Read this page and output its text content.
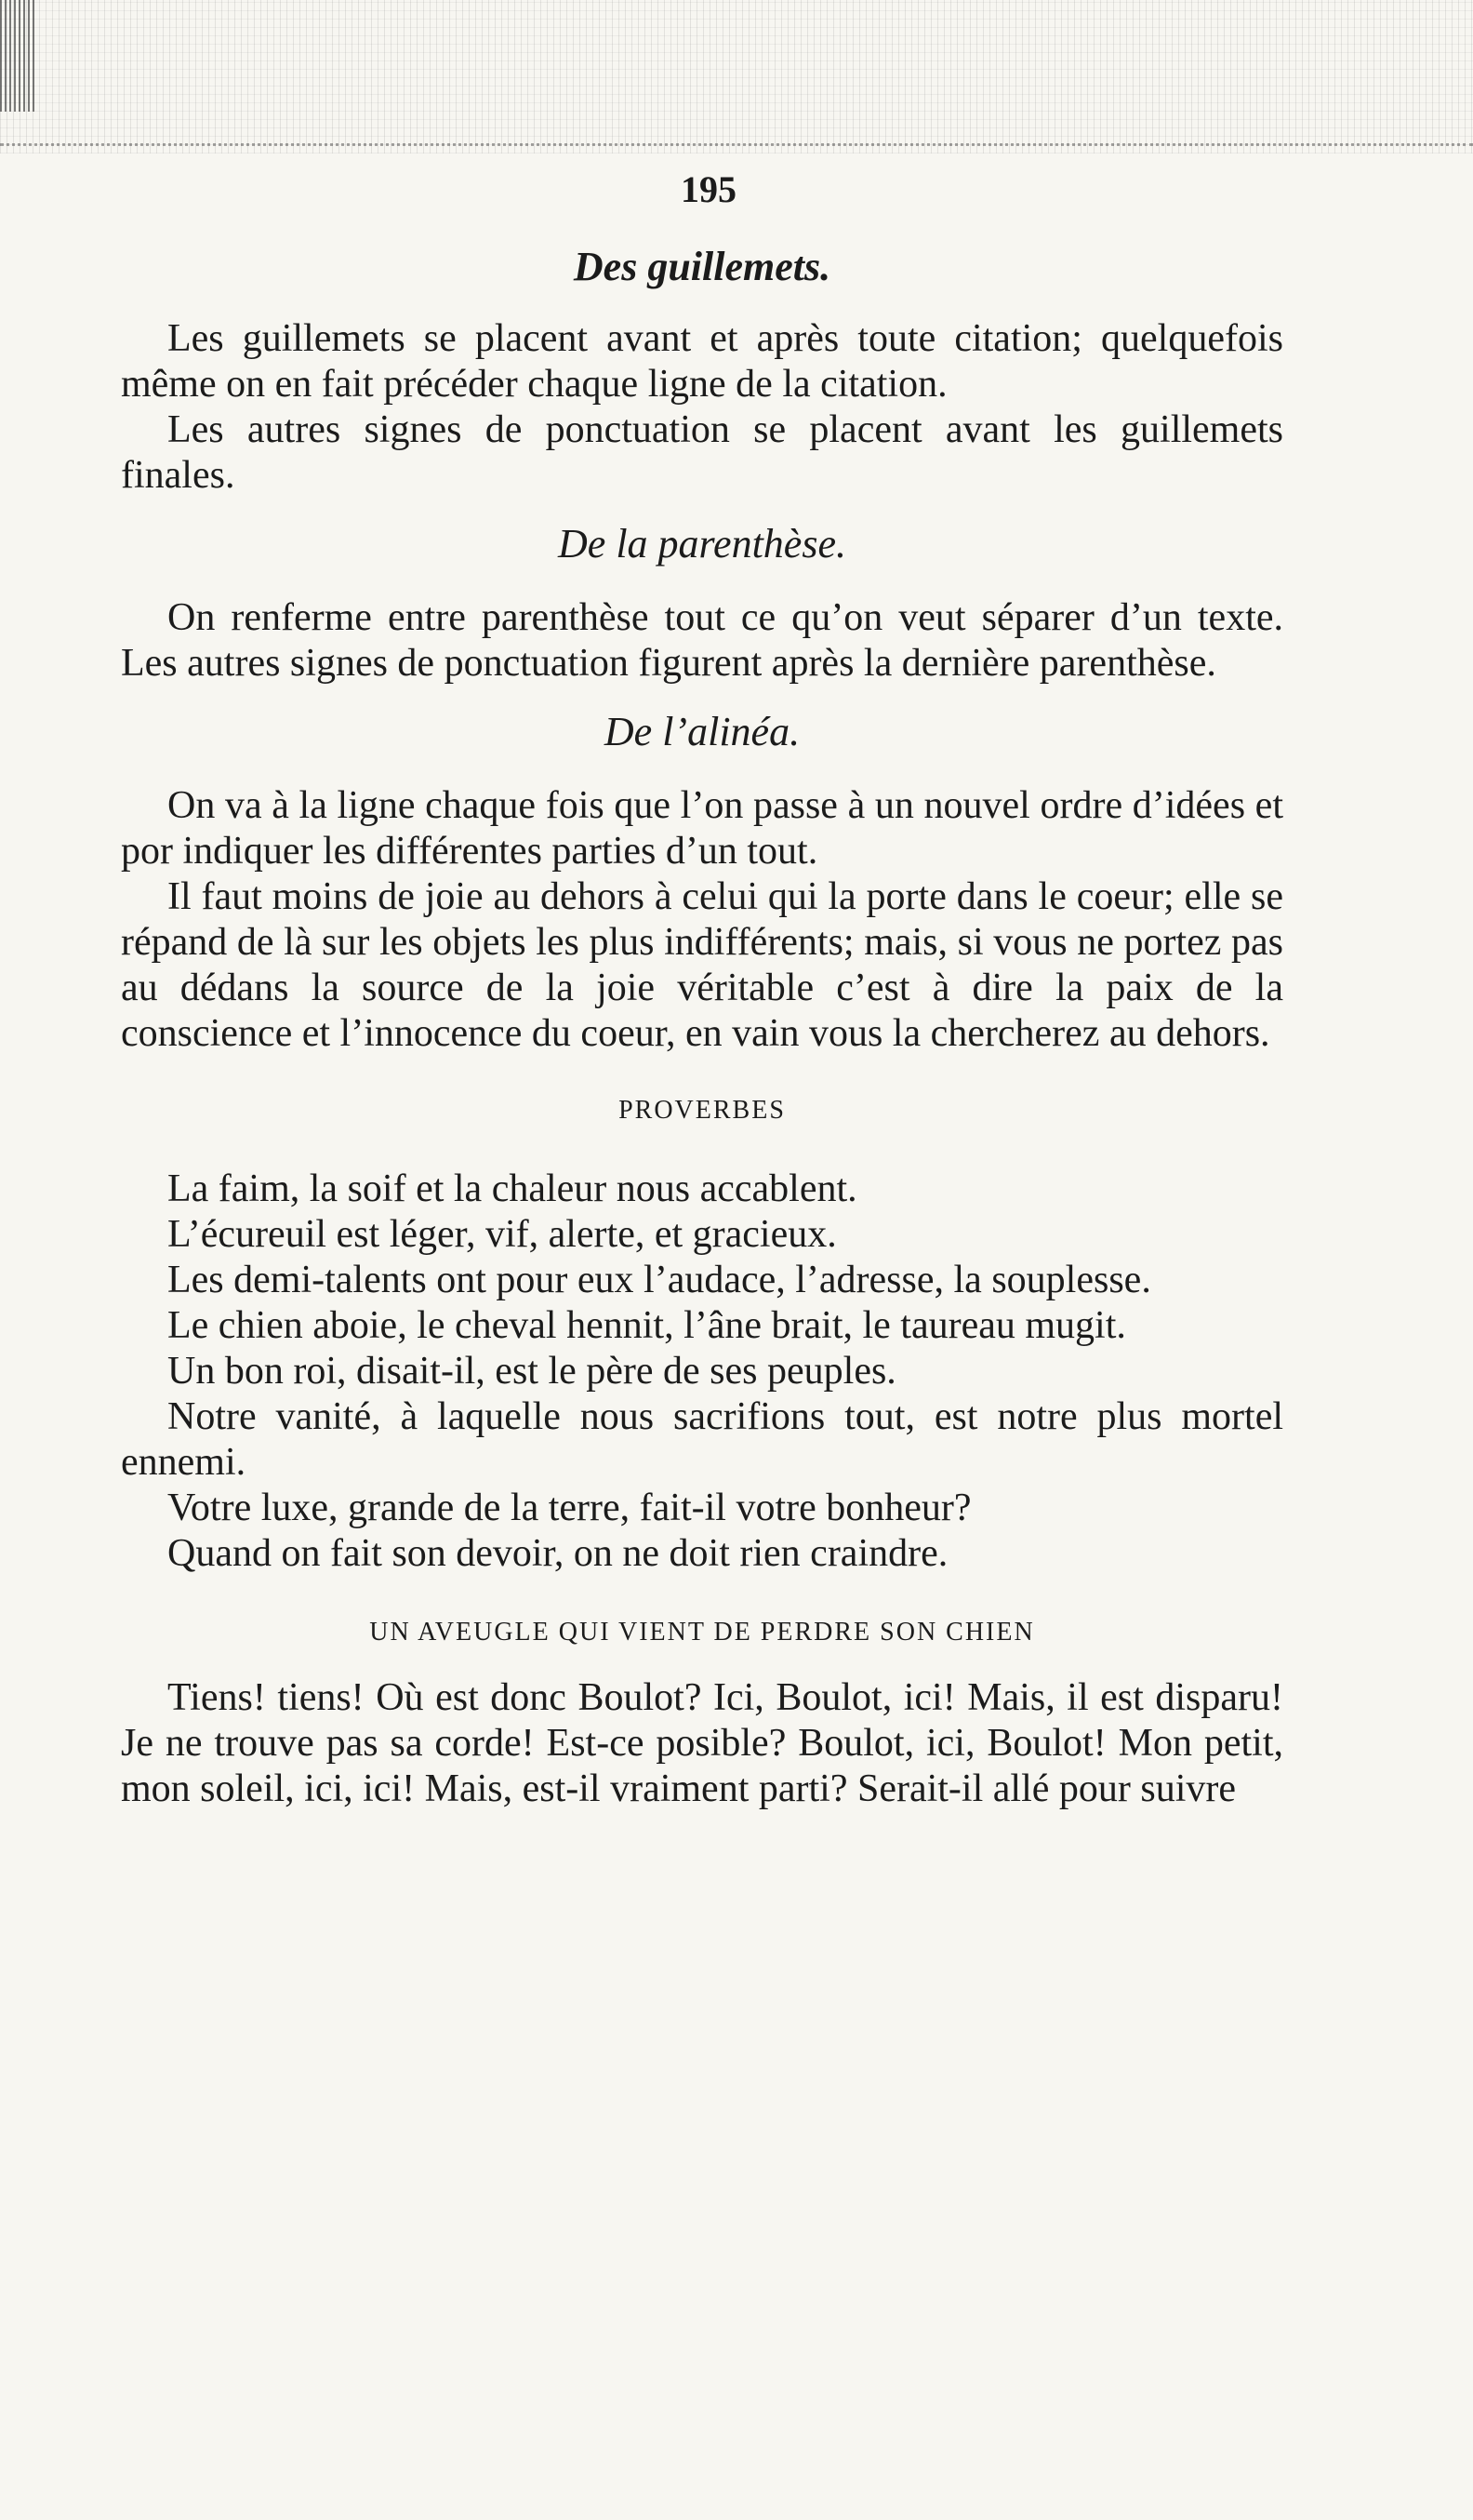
195
Des guillemets.

Les guillemets se placent avant et après toute citation; quelquefois même on en fait précéder chaque ligne de la citation.

Les autres signes de ponctuation se placent avant les guillemets finales.

De la parenthèse.

On renferme entre parenthèse tout ce qu’on veut séparer d’un texte. Les autres signes de ponctuation figurent après la dernière parenthèse.

De l’alinéa.

On va à la ligne chaque fois que l’on passe à un nouvel ordre d’idées et por indiquer les différentes parties d’un tout.

Il faut moins de joie au dehors à celui qui la porte dans le coeur; elle se répand de là sur les objets les plus indifférents; mais, si vous ne portez pas au dédans la source de la joie véritable c’est à dire la paix de la conscience et l’innocence du coeur, en vain vous la chercherez au dehors.

PROVERBES

La faim, la soif et la chaleur nous accablent.

L’écureuil est léger, vif, alerte, et gracieux.

Les demi-talents ont pour eux l’audace, l’adresse, la souplesse.

Le chien aboie, le cheval hennit, l’âne brait, le taureau mugit.

Un bon roi, disait-il, est le père de ses peuples.

Notre vanité, à laquelle nous sacrifions tout, est notre plus mortel ennemi.

Votre luxe, grande de la terre, fait-il votre bonheur?

Quand on fait son devoir, on ne doit rien craindre.

UN AVEUGLE QUI VIENT DE PERDRE SON CHIEN

Tiens! tiens! Où est donc Boulot? Ici, Boulot, ici! Mais, il est disparu! Je ne trouve pas sa corde! Est-ce posible? Boulot, ici, Boulot! Mon petit, mon soleil, ici, ici! Mais, est-il vraiment parti? Serait-il allé pour suivre
